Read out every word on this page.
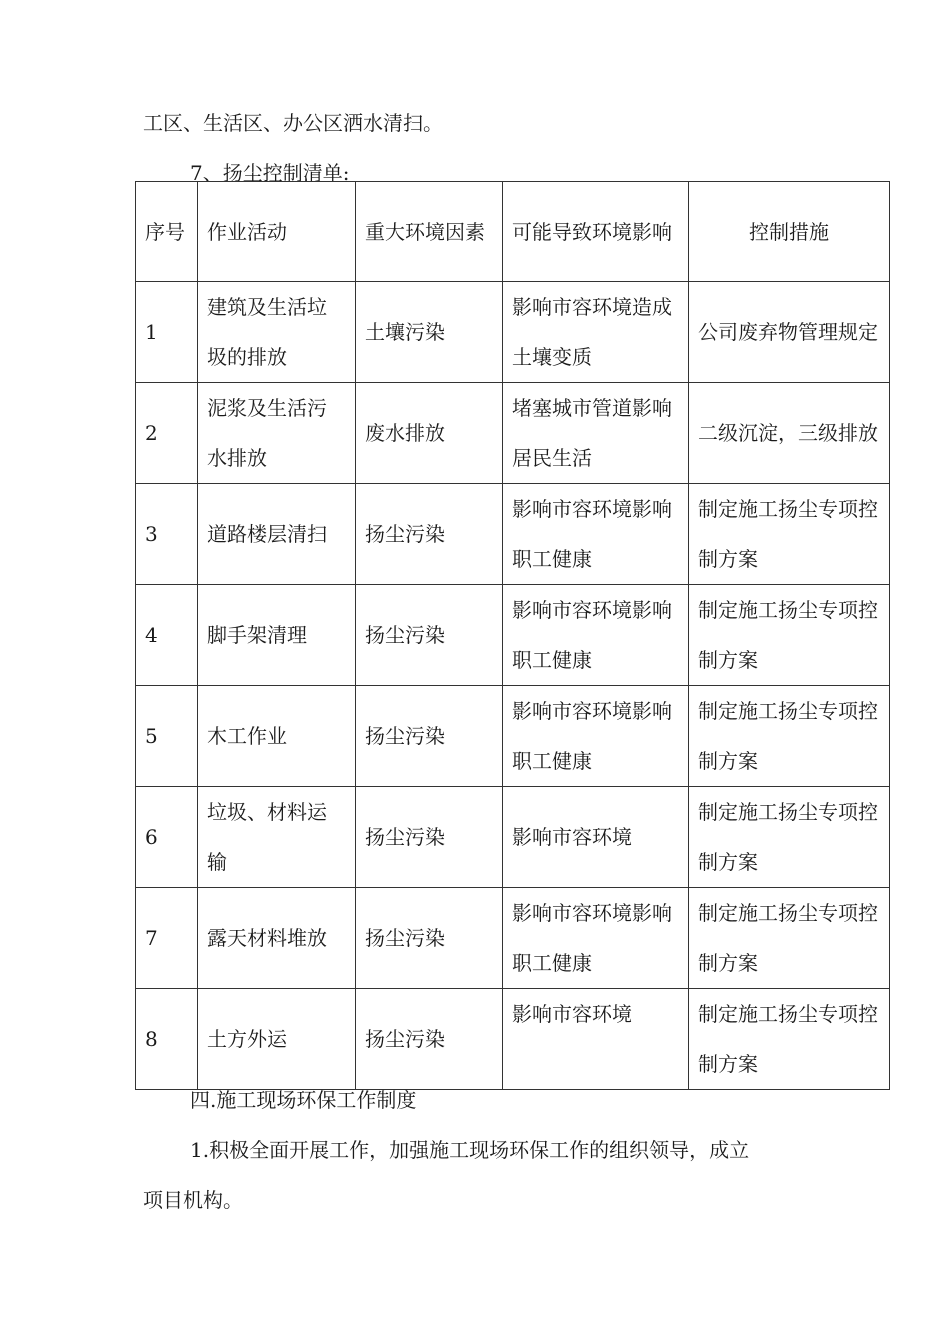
工区、生活区、办公区洒水清扫。
7、扬尘控制清单:
序号	作业活动	重大环境因素	可能导致环境影响	控制措施
1	建筑及生活垃圾的排放	土壤污染	影响市容环境造成土壤变质	公司废弃物管理规定
2	泥浆及生活污水排放	废水排放	堵塞城市管道影响居民生活	二级沉淀，三级排放
3	道路楼层清扫	扬尘污染	影响市容环境影响职工健康	制定施工扬尘专项控制方案
4	脚手架清理	扬尘污染	影响市容环境影响职工健康	制定施工扬尘专项控制方案
5	木工作业	扬尘污染	影响市容环境影响职工健康	制定施工扬尘专项控制方案
6	垃圾、材料运输	扬尘污染	影响市容环境	制定施工扬尘专项控制方案
7	露天材料堆放	扬尘污染	影响市容环境影响职工健康	制定施工扬尘专项控制方案
8	土方外运	扬尘污染	影响市容环境	制定施工扬尘专项控制方案
四.施工现场环保工作制度
1.积极全面开展工作，加强施工现场环保工作的组织领导，成立
项目机构。
